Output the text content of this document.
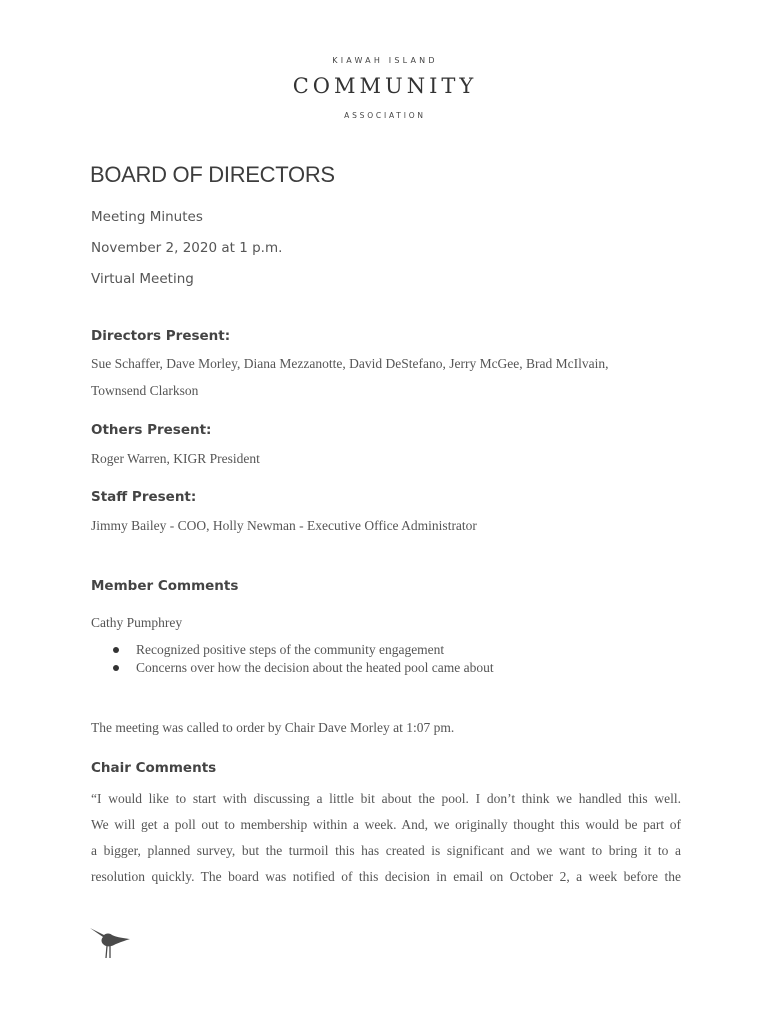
KIAWAH ISLAND
COMMUNITY
ASSOCIATION
BOARD OF DIRECTORS
Meeting Minutes
November 2, 2020 at 1 p.m.
Virtual Meeting
Directors Present:
Sue Schaffer, Dave Morley, Diana Mezzanotte, David DeStefano, Jerry McGee, Brad McIlvain,
Townsend Clarkson
Others Present:
Roger Warren, KIGR President
Staff Present:
Jimmy Bailey - COO, Holly Newman - Executive Office Administrator
Member Comments
Cathy Pumphrey
Recognized positive steps of the community engagement
Concerns over how the decision about the heated pool came about
The meeting was called to order by Chair Dave Morley at 1:07 pm.
Chair Comments
“I would like to start with discussing a little bit about the pool. I don’t think we handled this well.
We will get a poll out to membership within a week. And, we originally thought this would be part of
a bigger, planned survey, but the turmoil this has created is significant and we want to bring it to a
resolution quickly. The board was notified of this decision in email on October 2, a week before the
